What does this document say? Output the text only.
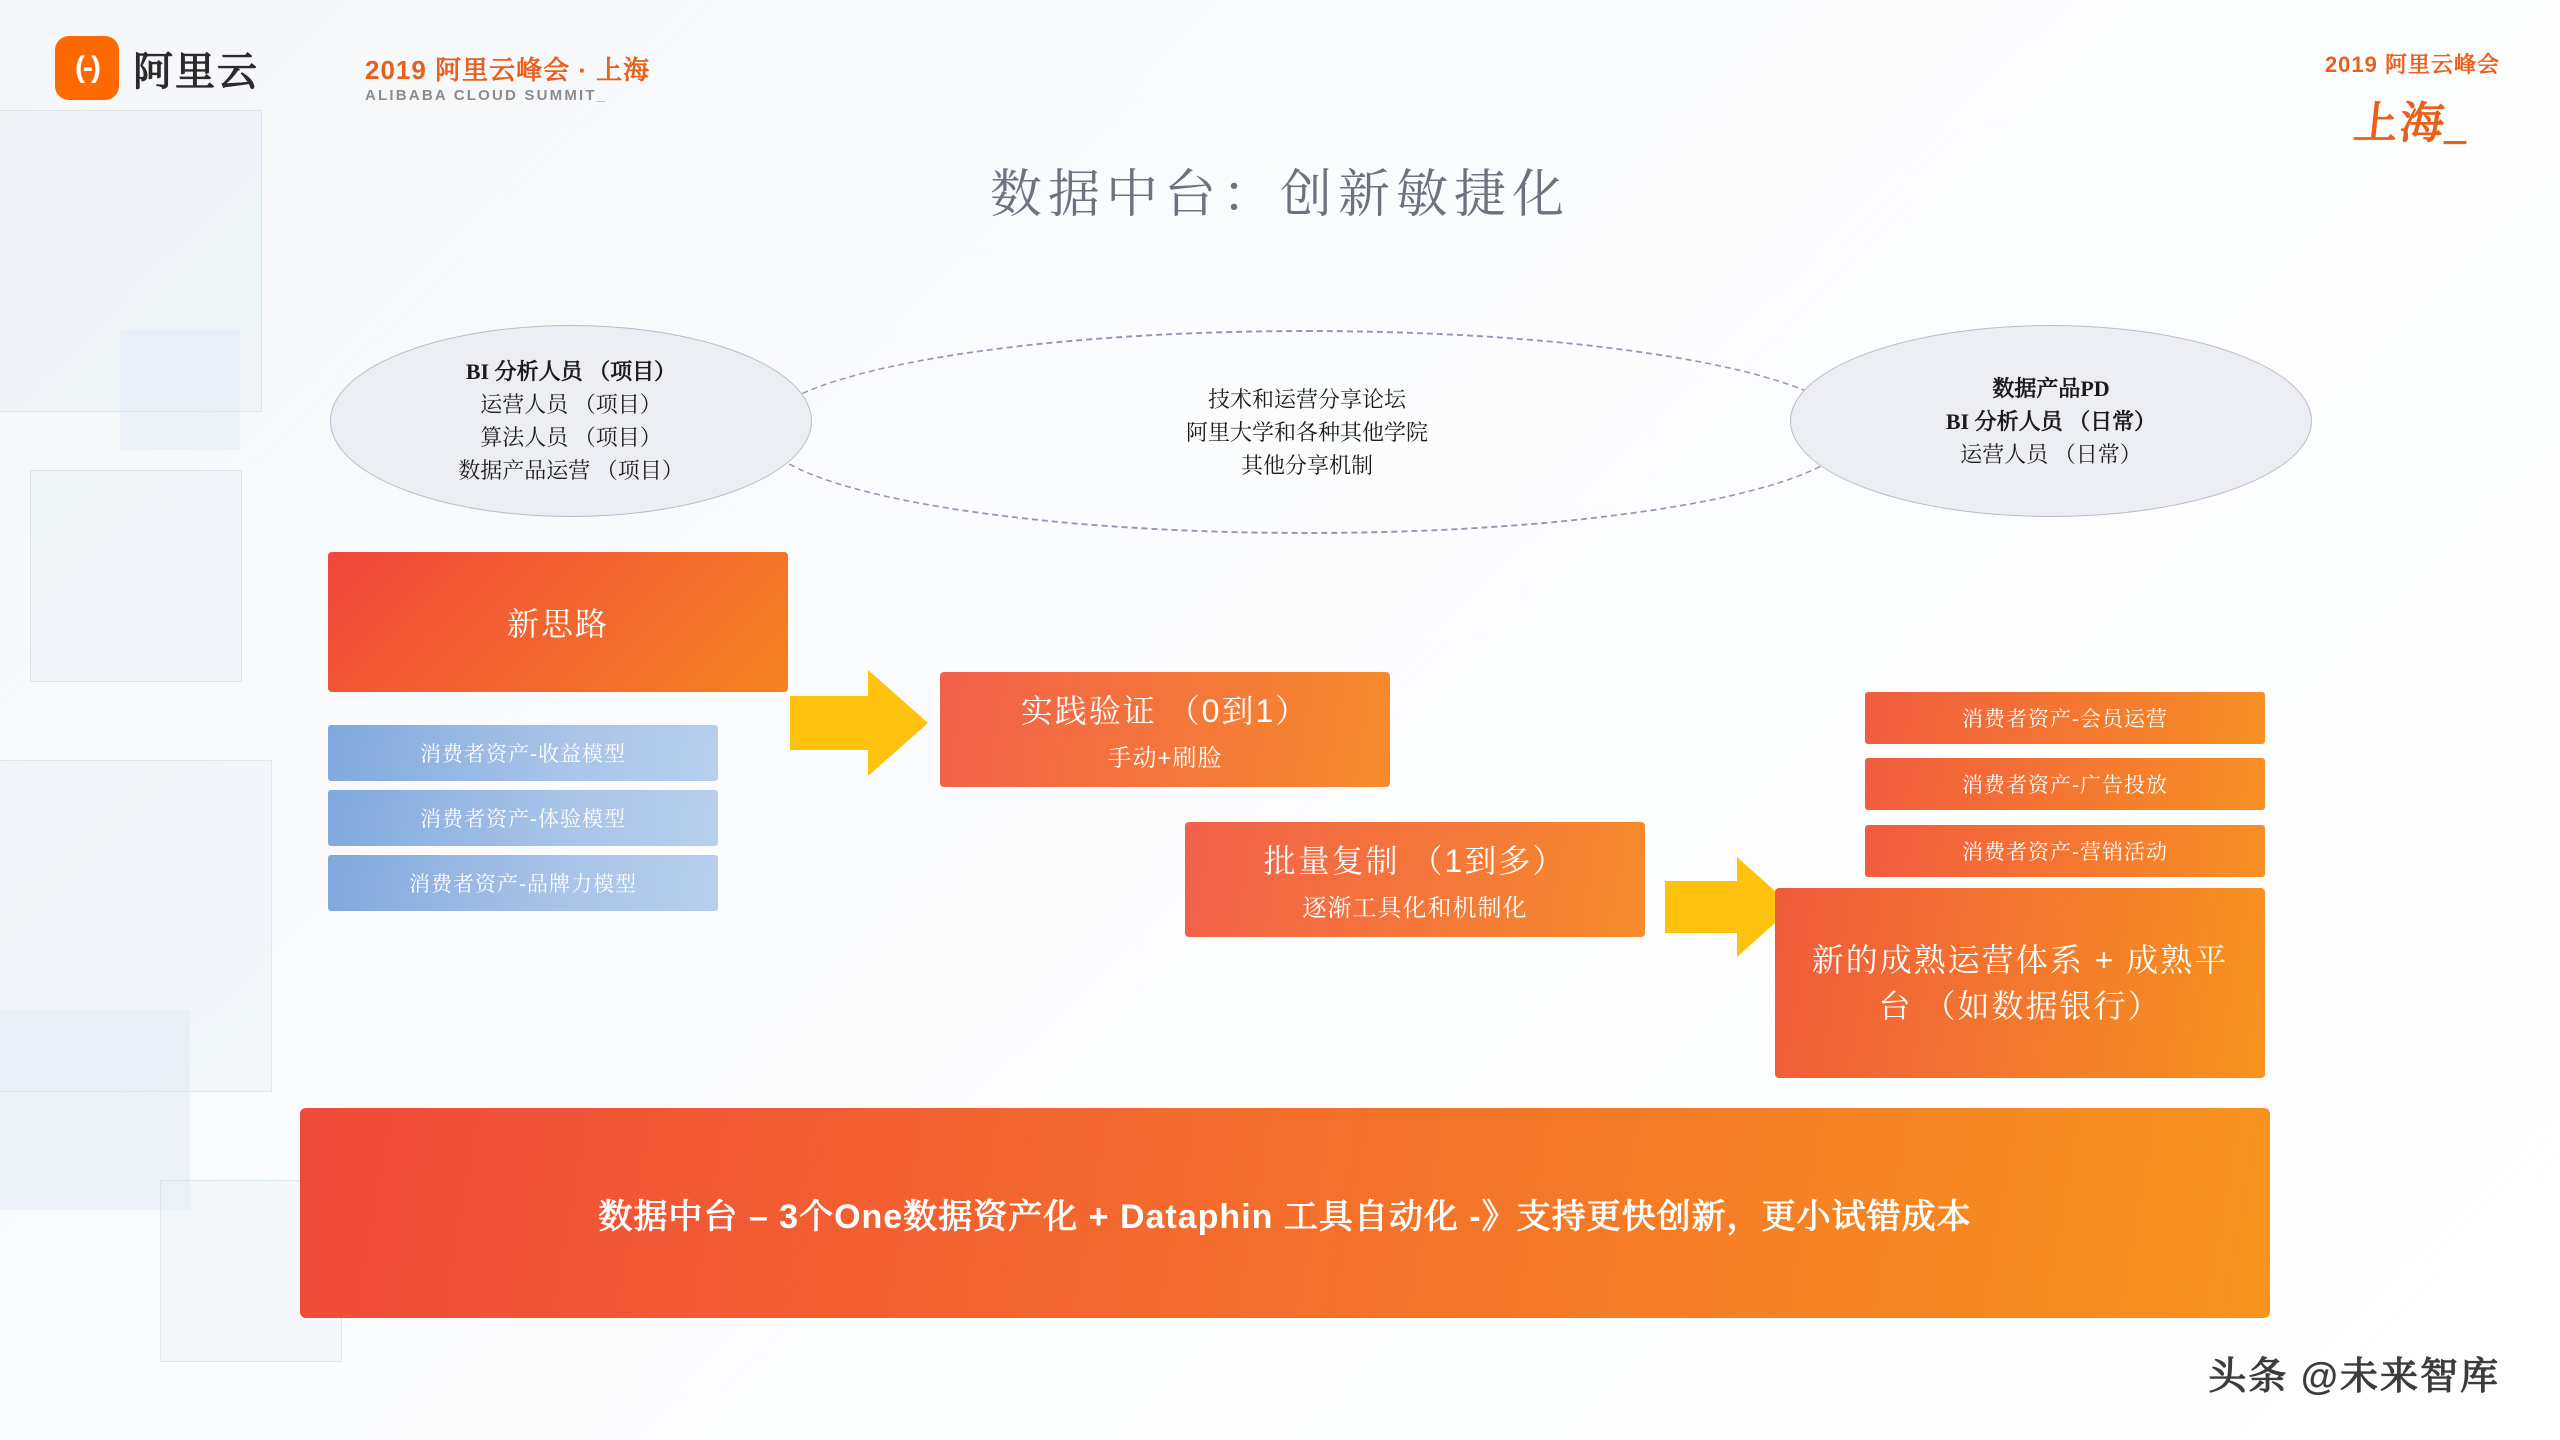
(-) 阿里云	2019 阿里云峰会 · 上海
ALIBABA CLOUD SUMMIT_
2019 阿里云峰会
上海_
数据中台：创新敏捷化
技术和运营分享论坛
阿里大学和各种其他学院
其他分享机制
BI 分析人员 （项目）
运营人员 （项目）
算法人员 （项目）
数据产品运营 （项目）
数据产品PD
BI 分析人员 （日常）
运营人员 （日常）
新思路
消费者资产-收益模型
消费者资产-体验模型
消费者资产-品牌力模型
实践验证 （0到1）
手动+刷脸
批量复制 （1到多）
逐渐工具化和机制化
消费者资产-会员运营
消费者资产-广告投放
消费者资产-营销活动
新的成熟运营体系 + 成熟平台 （如数据银行）
数据中台 – 3个One数据资产化 + Dataphin 工具自动化 -》支持更快创新，更小试错成本
头条 @未来智库
